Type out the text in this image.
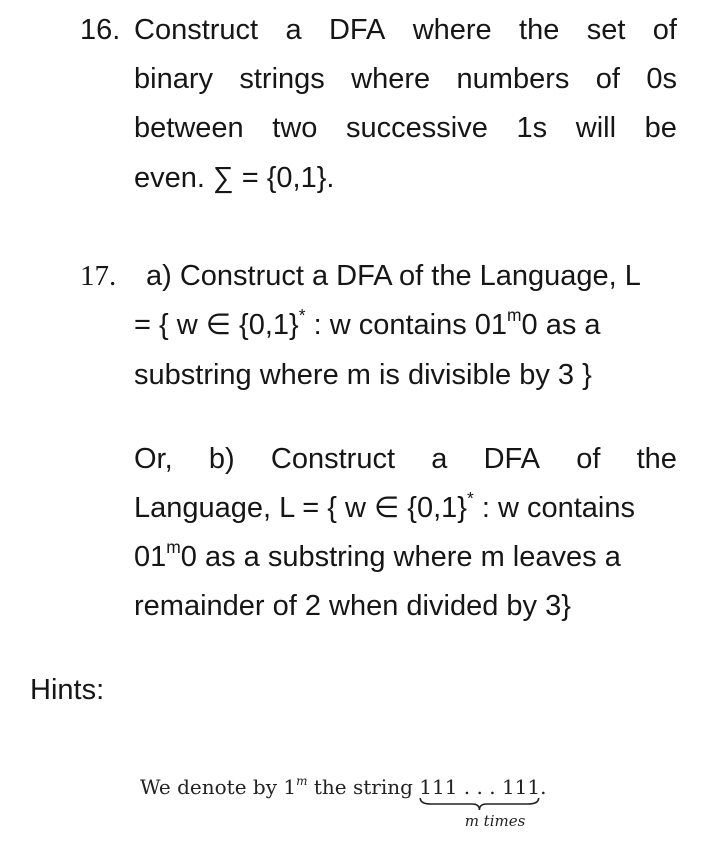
16. Construct a DFA where the set of
binary strings where numbers of 0s
between two successive 1s will be
even. ∑ = {0,1}.
17. a) Construct a DFA of the Language, L
= { w ∈ {0,1}* : w contains 01$^m$0 as a
substring where m is divisible by 3 }
Or, b) Construct a DFA of the
Language, L = { w ∈ {0,1}* : w contains
01$^m$0 as a substring where m leaves a
remainder of 2 when divided by 3}
Hints:
We denote by 1$^m$ the string 111 . . . 111
.
m times
